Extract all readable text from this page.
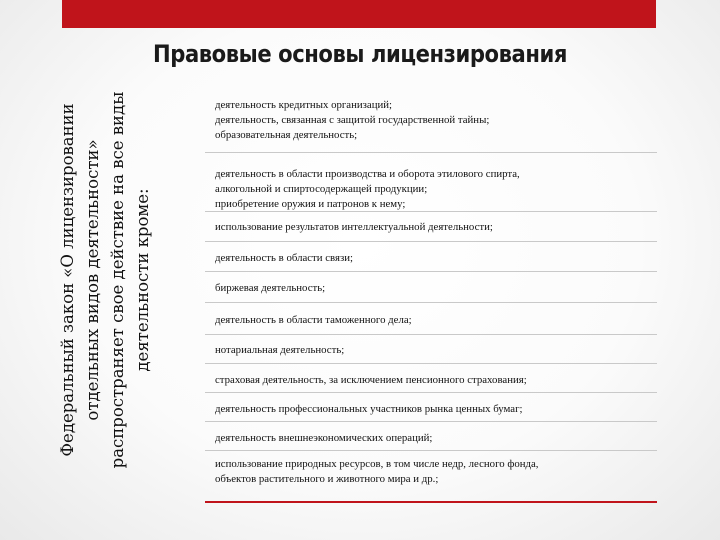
Правовые основы лицензирования
Федеральный закон «О лицензировании отдельных видов деятельности» распространяет свое действие на все виды деятельности кроме:
деятельность кредитных организаций;
деятельность, связанная с защитой государственной тайны;
образовательная деятельность;
деятельность в области производства и оборота этилового спирта,
алкогольной и спиртосодержащей продукции;
приобретение оружия и патронов к нему;
использование результатов интеллектуальной деятельности;
деятельность в области связи;
биржевая деятельность;
деятельность в области таможенного дела;
нотариальная деятельность;
страховая деятельность, за исключением пенсионного страхования;
деятельность профессиональных участников рынка ценных бумаг;
деятельность внешнеэкономических операций;
использование природных ресурсов, в том числе недр, лесного фонда,
объектов растительного и животного мира и др.;
